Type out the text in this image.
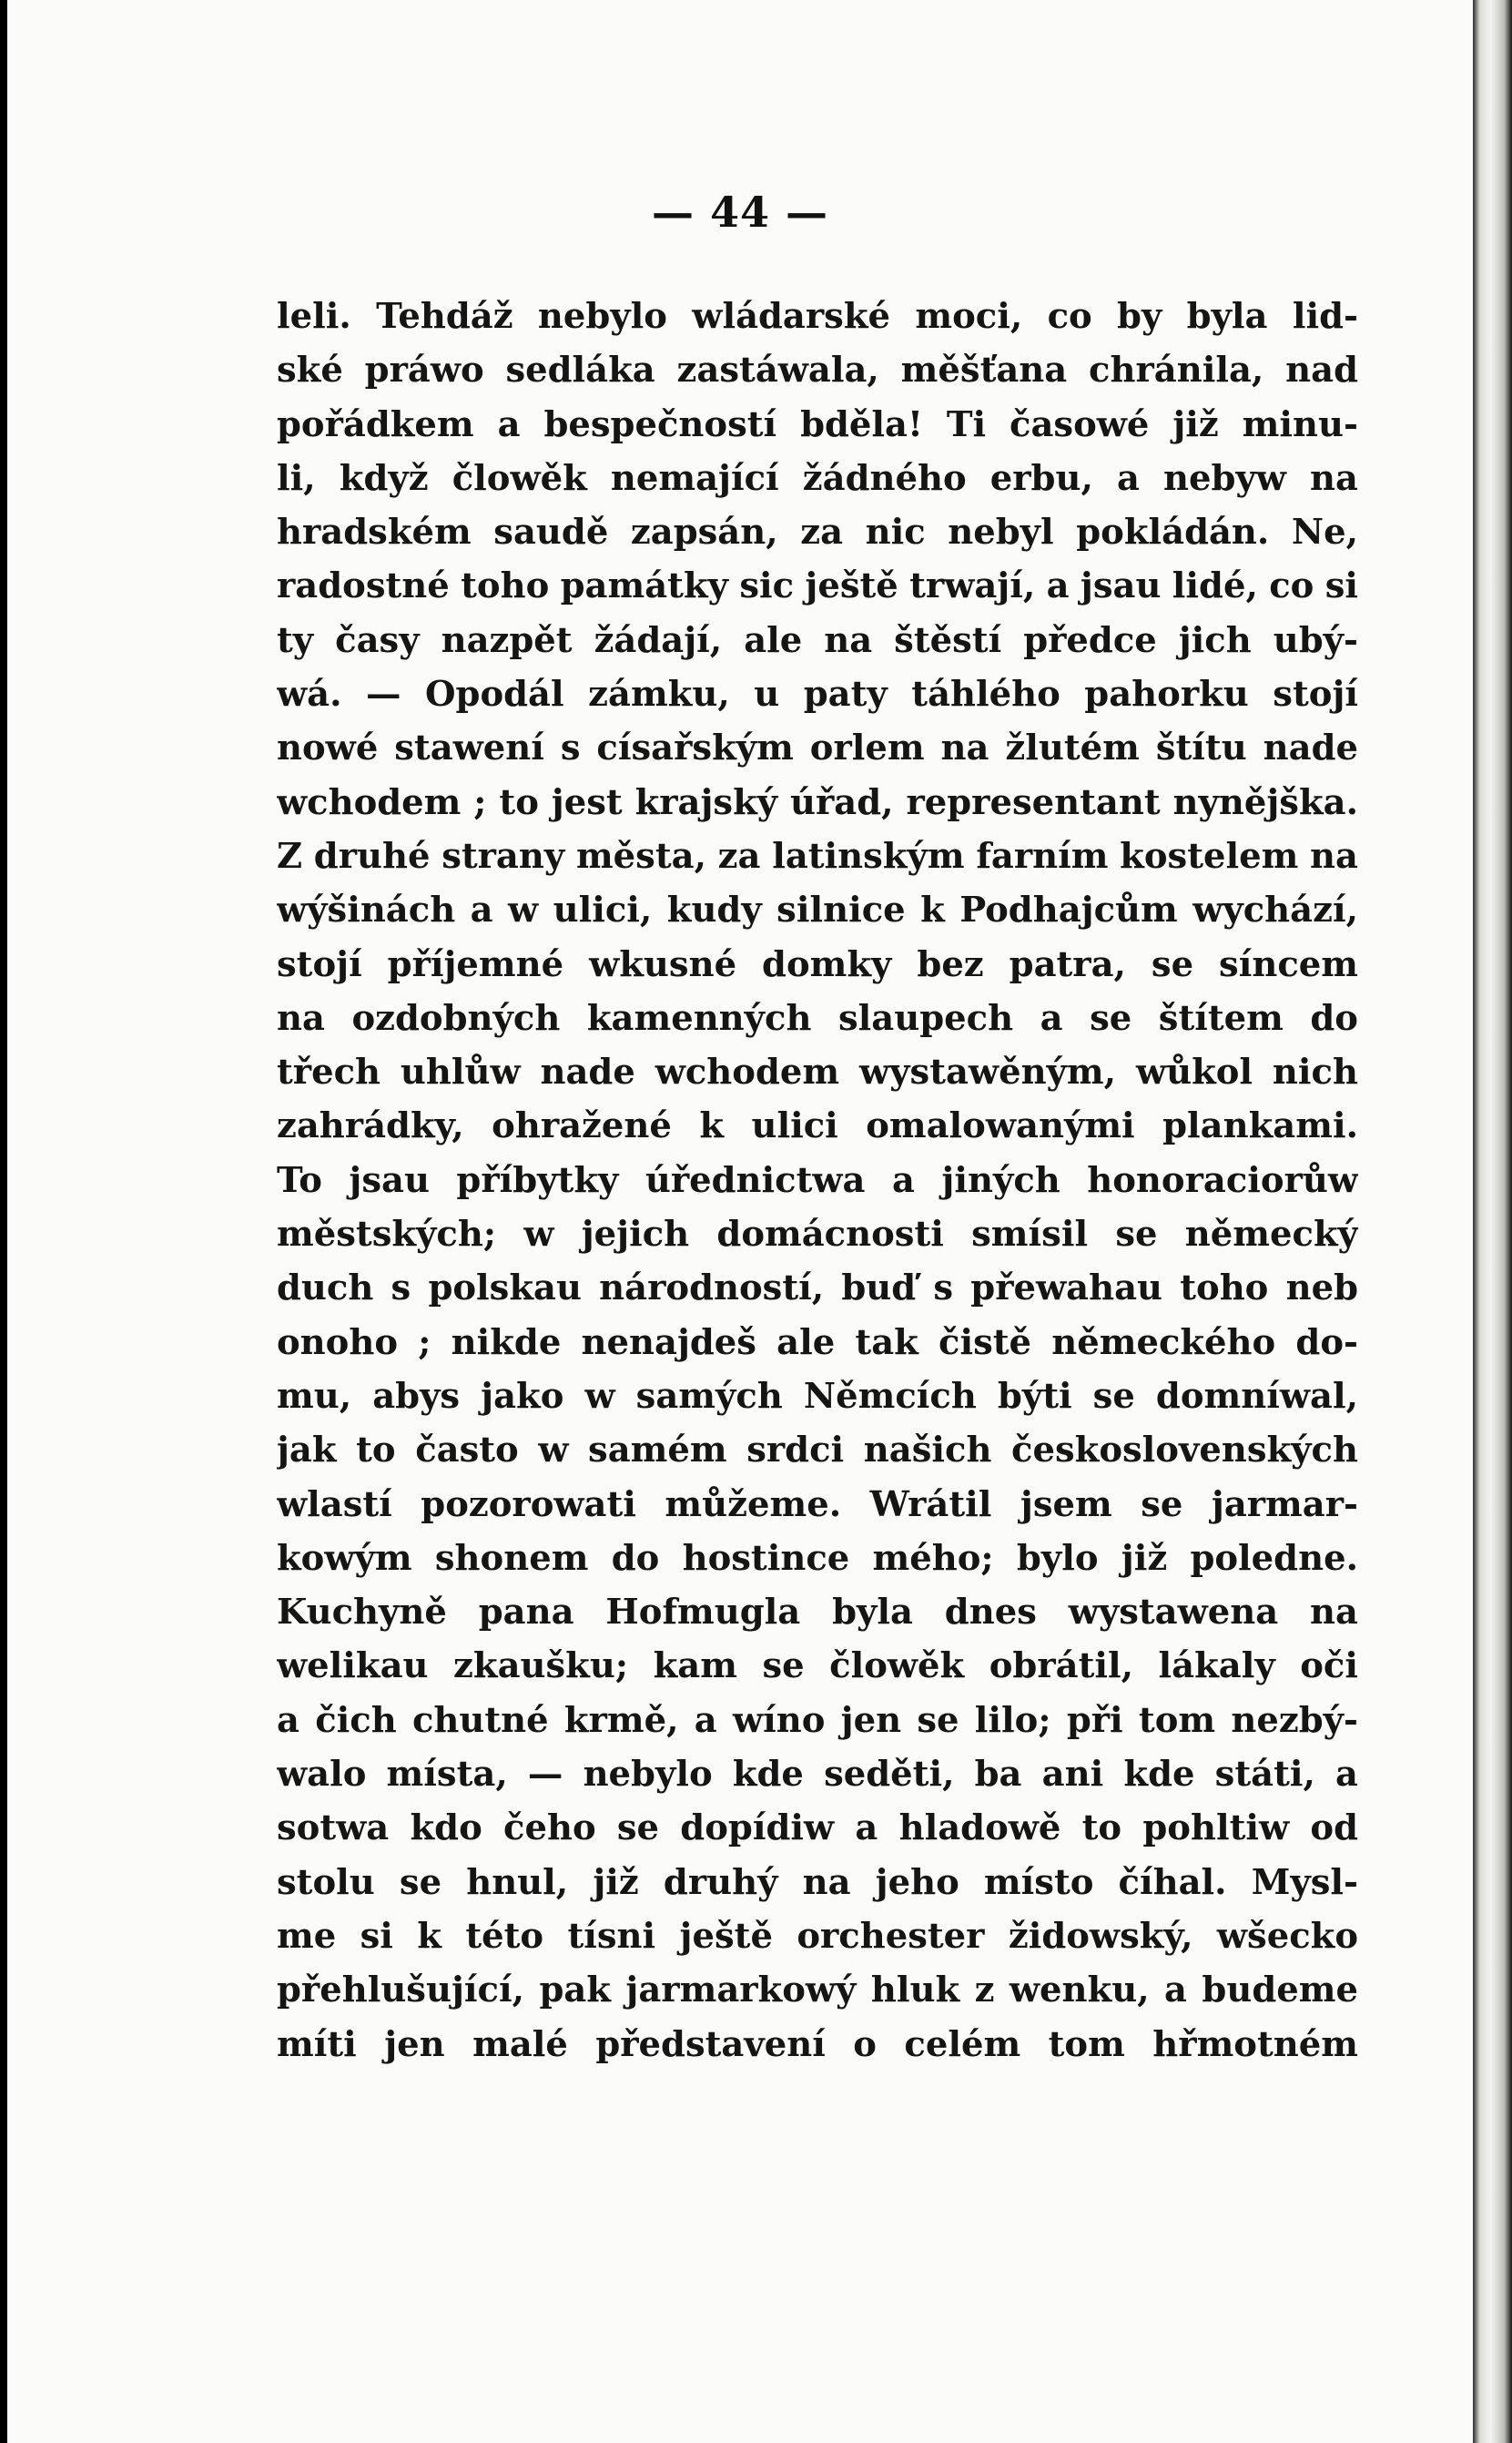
— 44 —
leli. Tehdáž nebylo wládarské moci, co by byla lid-
ské práwo sedláka zastáwala, měšťana chránila, nad
pořádkem a bespečností bděla! Ti časowé již minu-
li, když člowěk nemající žádného erbu, a nebyw na
hradském saudě zapsán, za nic nebyl pokládán. Ne,
radostné toho památky sic ještě trwají, a jsau lidé, co si
ty časy nazpět žádají, ale na štěstí předce jich ubý-
wá. — Opodál zámku, u paty táhlého pahorku stojí
nowé stawení s císařským orlem na žlutém štítu nade
wchodem ; to jest krajský úřad, representant nynějška.
Z druhé strany města, za latinským farním kostelem na
wýšinách a w ulici, kudy silnice k Podhajcům wychází,
stojí příjemné wkusné domky bez patra, se síncem
na ozdobných kamenných slaupech a se štítem do
třech uhlůw nade wchodem wystawěným, wůkol nich
zahrádky, ohražené k ulici omalowanými plankami.
To jsau příbytky úřednictwa a jiných honoraciorůw
městských; w jejich domácnosti smísil se německý
duch s polskau národností, buď s přewahau toho neb
onoho ; nikde nenajdeš ale tak čistě německého do-
mu, abys jako w samých Němcích býti se domníwal,
jak to často w samém srdci našich československých
wlastí pozorowati můžeme. Wrátil jsem se jarmar-
kowým shonem do hostince mého; bylo již poledne.
Kuchyně pana Hofmugla byla dnes wystawena na
welikau zkaušku; kam se člowěk obrátil, lákaly oči
a čich chutné krmě, a wíno jen se lilo; při tom nezbý-
walo místa, — nebylo kde seděti, ba ani kde státi, a
sotwa kdo čeho se dopídiw a hladowě to pohltiw od
stolu se hnul, již druhý na jeho místo číhal. Mysl-
me si k této tísni ještě orchester židowský, wšecko
přehlušující, pak jarmarkowý hluk z wenku, a budeme
míti jen malé představení o celém tom hřmotném
